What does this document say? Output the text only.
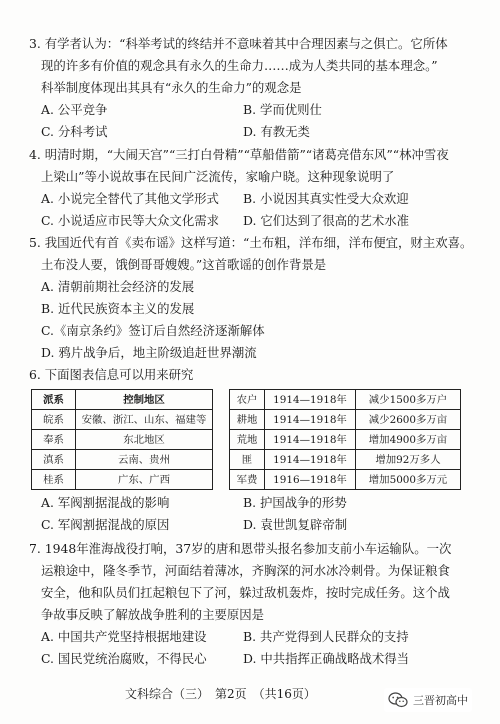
3. 有学者认为：“科举考试的终结并不意味着其中合理因素与之俱亡。它所体
现的许多有价值的观念具有永久的生命力……成为人类共同的基本理念。”
科举制度体现出其具有“永久的生命力”的观念是
A. 公平竞争	B. 学而优则仕
C. 分科考试	D. 有教无类
4. 明清时期，“大闹天宫”“三打白骨精”“草船借箭”“诸葛亮借东风”“林冲雪夜
上梁山”等小说故事在民间广泛流传，家喻户晓。这种现象说明了
A. 小说完全替代了其他文学形式 B. 小说因其真实性受大众欢迎
C. 小说适应市民等大众文化需求 D. 它们达到了很高的艺术水准
5. 我国近代有首《卖布谣》这样写道：“土布粗，洋布细，洋布便宜，财主欢喜。
土布没人要，饿倒哥哥嫂嫂。”这首歌谣的创作背景是
A. 清朝前期社会经济的发展
B. 近代民族资本主义的发展
C.《南京条约》签订后自然经济逐渐解体
D. 鸦片战争后，地主阶级追赶世界潮流
6. 下面图表信息可以用来研究
派系	控制地区
皖系	安徽、浙江、山东、福建等
奉系	东北地区
滇系	云南、贵州
桂系	广东、广西
农户	1914—1918年	减少1500多万户
耕地	1914—1918年	减少2600多万亩
荒地	1914—1918年	增加4900多万亩
匪	1914—1918年	增加92万多人
军费	1916—1918年	增加5000多万元
A. 军阀割据混战的影响	B. 护国战争的形势
C. 军阀割据混战的原因	D. 袁世凯复辟帝制
7. 1948年淮海战役打响，37岁的唐和恩带头报名参加支前小车运输队。一次
运粮途中，隆冬季节，河面结着薄冰，齐胸深的河水冰冷刺骨。为保证粮食
安全，他和队员们扛起粮包下了河，躲过敌机轰炸，按时完成任务。这个战
争故事反映了解放战争胜利的主要原因是
A. 中国共产党坚持根据地建设	B. 共产党得到人民群众的支持
C. 国民党统治腐败，不得民心	D. 中共指挥正确战略战术得当
文科综合（三）　第2页　（共16页）	三晋初高中
